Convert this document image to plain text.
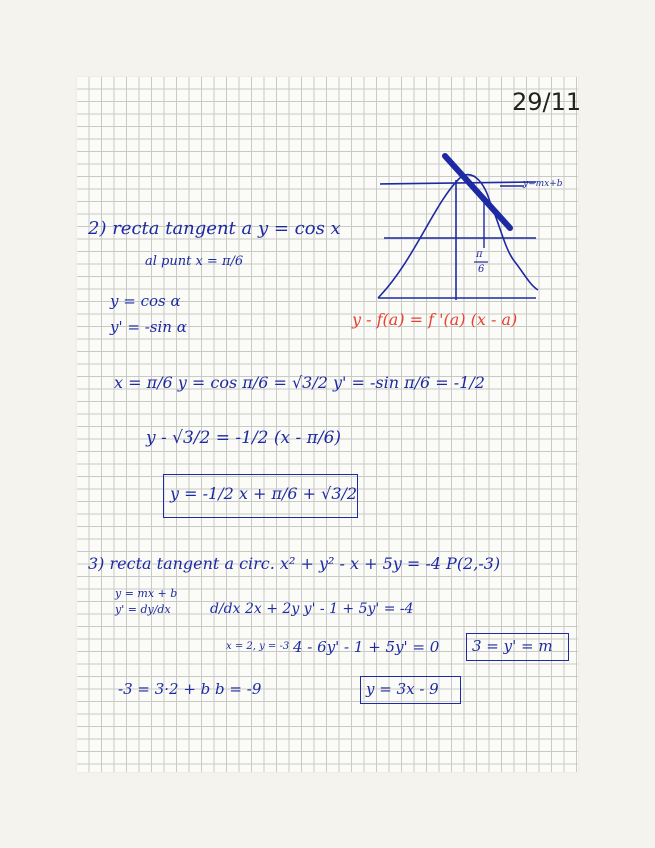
29/11
y=mx+b
π
6
2) recta tangent a y = cos x
al punt x = π/6
y = cos α
y' = -sin α	y - f(a) = f '(a) (x - a)
x = π/6 y = cos π/6 = √3/2 y' = -sin π/6 = -1/2
y - √3/2 = -1/2 (x - π/6)
y = -1/2 x + π/6 + √3/2
3) recta tangent a circ. x² + y² - x + 5y = -4 P(2,-3)
y = mx + b
y' = dy/dx	d/dx 2x + 2y y' - 1 + 5y' = -4
x = 2, y = -3 4 - 6y' - 1 + 5y' = 0 3 = y' = m
-3 = 3·2 + b b = -9	y = 3x - 9
